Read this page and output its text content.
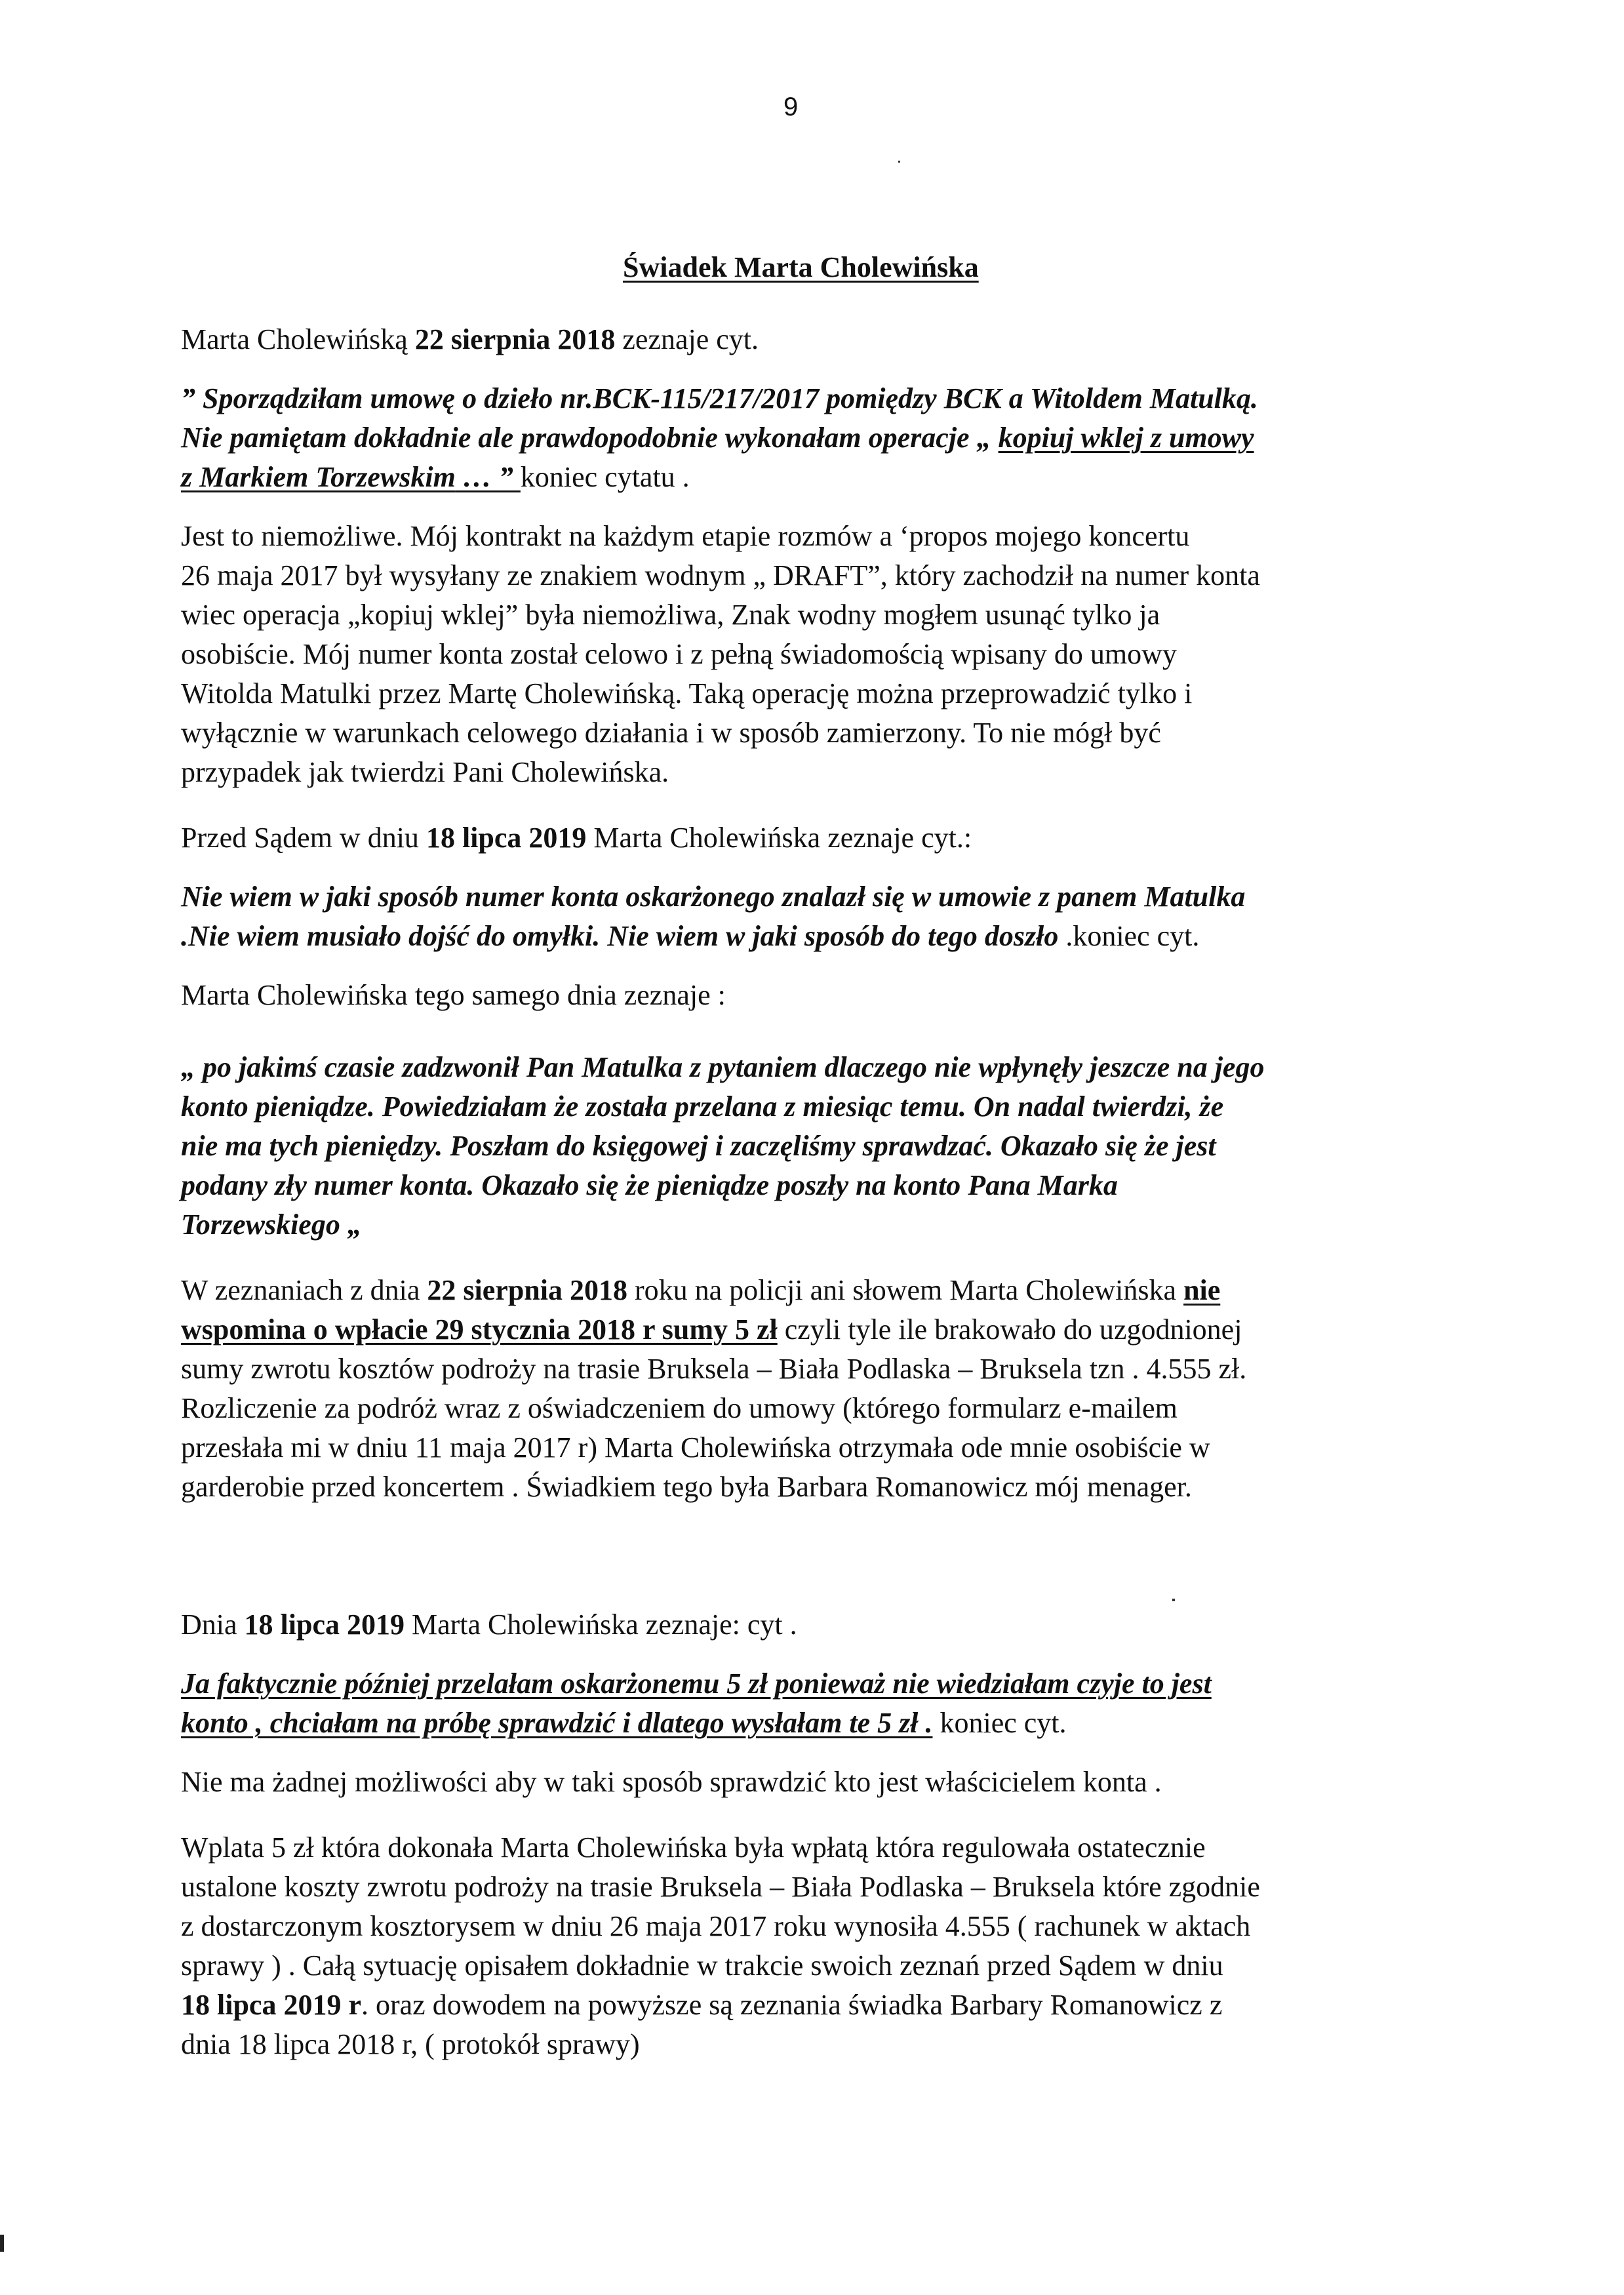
9
Świadek Marta Cholewińska
Marta Cholewińską 22 sierpnia 2018 zeznaje cyt.
” Sporządziłam umowę o dzieło nr.BCK-115/217/2017 pomiędzy BCK a Witoldem Matulką.
Nie pamiętam dokładnie ale prawdopodobnie wykonałam operacje „ kopiuj wklej z umowy
z Markiem Torzewskim … ” koniec cytatu .
Jest to niemożliwe. Mój kontrakt na każdym etapie rozmów a ‘propos mojego koncertu
26 maja 2017 był wysyłany ze znakiem wodnym „ DRAFT”, który zachodził na numer konta
wiec operacja „kopiuj wklej” była niemożliwa, Znak wodny mogłem usunąć tylko ja
osobiście. Mój numer konta został celowo i z pełną świadomością wpisany do umowy
Witolda Matulki przez Martę Cholewińską. Taką operację można przeprowadzić tylko i
wyłącznie w warunkach celowego działania i w sposób zamierzony. To nie mógł być
przypadek jak twierdzi Pani Cholewińska.
Przed Sądem w dniu 18 lipca 2019 Marta Cholewińska zeznaje cyt.:
Nie wiem w jaki sposób numer konta oskarżonego znalazł się w umowie z panem Matulka
.Nie wiem musiało dojść do omyłki. Nie wiem w jaki sposób do tego doszło .koniec cyt.
Marta Cholewińska tego samego dnia zeznaje :
„ po jakimś czasie zadzwonił Pan Matulka z pytaniem dlaczego nie wpłynęły jeszcze na jego
konto pieniądze. Powiedziałam że została przelana z miesiąc temu. On nadal twierdzi, że
nie ma tych pieniędzy. Poszłam do księgowej i zaczęliśmy sprawdzać. Okazało się że jest
podany zły numer konta. Okazało się że pieniądze poszły na konto Pana Marka
Torzewskiego „
W zeznaniach z dnia 22 sierpnia 2018 roku na policji ani słowem Marta Cholewińska nie
wspomina o wpłacie 29 stycznia 2018 r sumy 5 zł czyli tyle ile brakowało do uzgodnionej
sumy zwrotu kosztów podroży na trasie Bruksela – Biała Podlaska – Bruksela tzn . 4.555 zł.
Rozliczenie za podróż wraz z oświadczeniem do umowy (którego formularz e-mailem
przesłała mi w dniu 11 maja 2017 r) Marta Cholewińska otrzymała ode mnie osobiście w
garderobie przed koncertem . Świadkiem tego była Barbara Romanowicz mój menager.
Dnia 18 lipca 2019 Marta Cholewińska zeznaje: cyt .
Ja faktycznie później przelałam oskarżonemu 5 zł ponieważ nie wiedziałam czyje to jest
konto , chciałam na próbę sprawdzić i dlatego wysłałam te 5 zł . koniec cyt.
Nie ma żadnej możliwości aby w taki sposób sprawdzić kto jest właścicielem konta .
Wplata 5 zł która dokonała Marta Cholewińska była wpłatą która regulowała ostatecznie
ustalone koszty zwrotu podroży na trasie Bruksela – Biała Podlaska – Bruksela które zgodnie
z dostarczonym kosztorysem w dniu 26 maja 2017 roku wynosiła 4.555 ( rachunek w aktach
sprawy ) . Całą sytuację opisałem dokładnie w trakcie swoich zeznań przed Sądem w dniu
18 lipca 2019 r. oraz dowodem na powyższe są zeznania świadka Barbary Romanowicz z
dnia 18 lipca 2018 r, ( protokół sprawy)
